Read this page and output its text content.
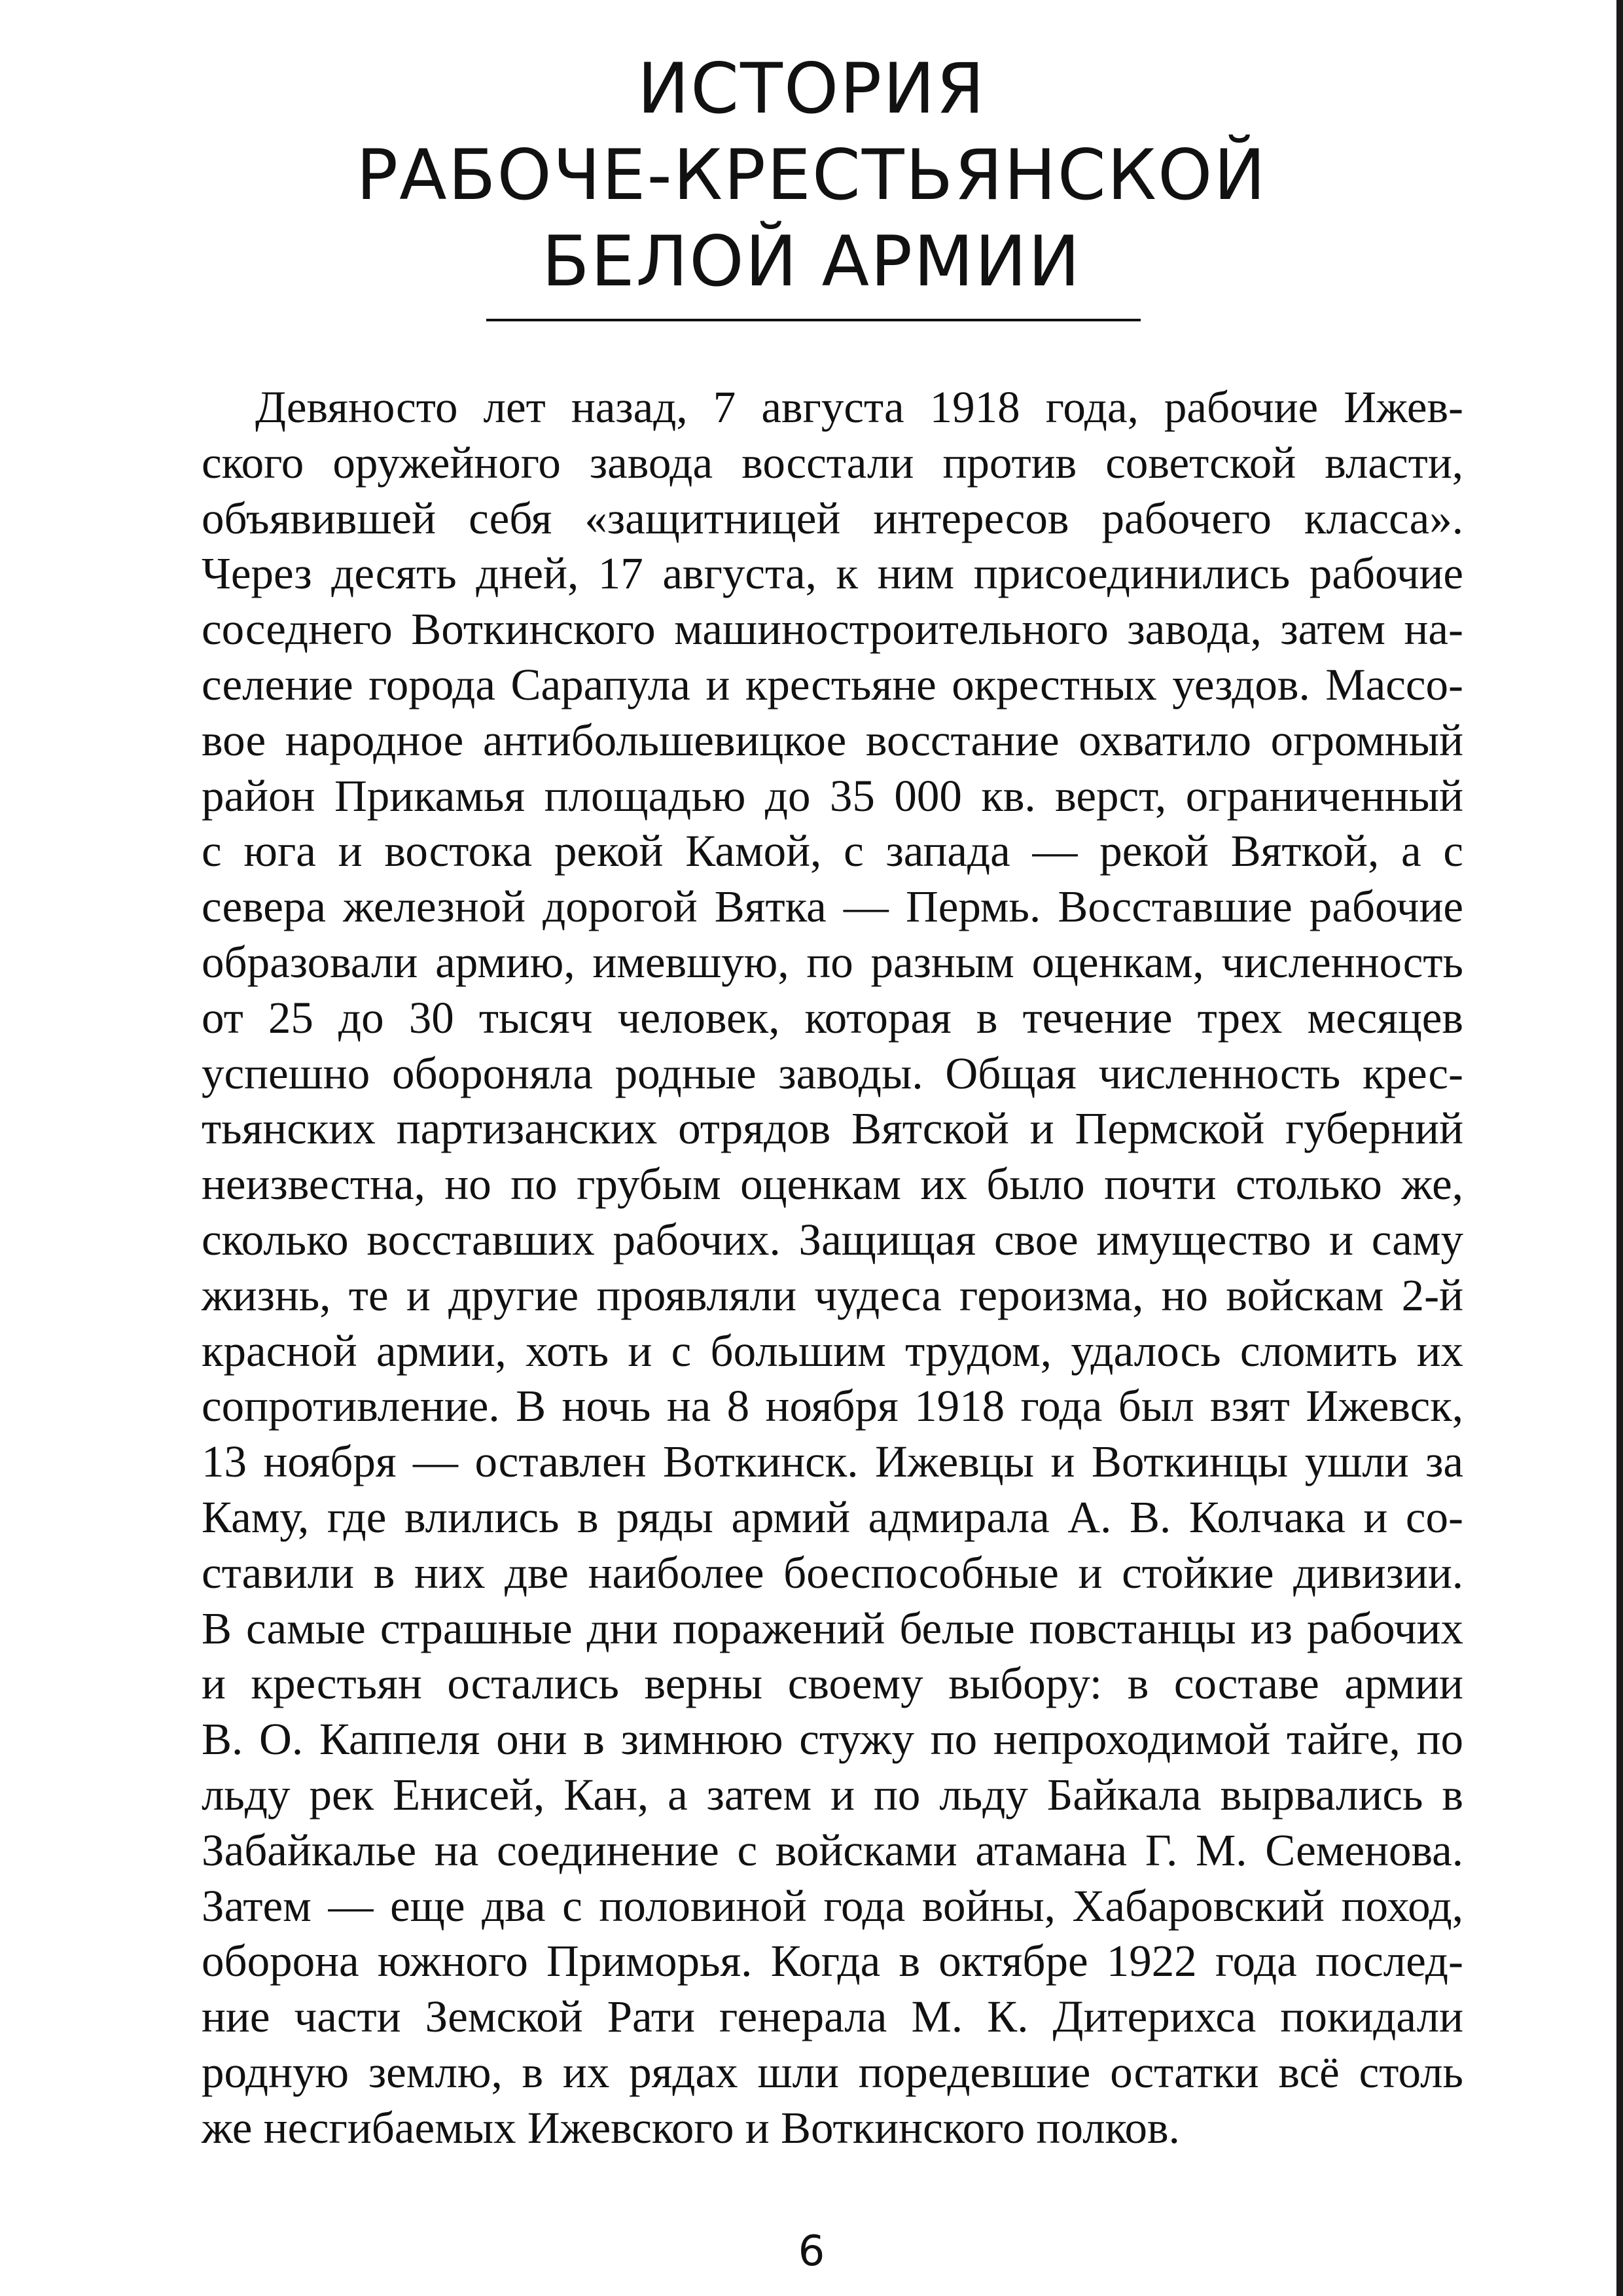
ИСТОРИЯ
РАБОЧЕ-КРЕСТЬЯНСКОЙ
БЕЛОЙ АРМИИ
Девяносто лет назад, 7 августа 1918 года, рабочие Ижев-
ского оружейного завода восстали против советской власти,
объявившей себя «защитницей интересов рабочего класса».
Через десять дней, 17 августа, к ним присоединились рабочие
соседнего Воткинского машиностроительного завода, затем на-
селение города Сарапула и крестьяне окрестных уездов. Массо-
вое народное антибольшевицкое восстание охватило огромный
район Прикамья площадью до 35 000 кв. верст, ограниченный
с юга и востока рекой Камой, с запада — рекой Вяткой, а с
севера железной дорогой Вятка — Пермь. Восставшие рабочие
образовали армию, имевшую, по разным оценкам, численность
от 25 до 30 тысяч человек, которая в течение трех месяцев
успешно обороняла родные заводы. Общая численность крес-
тьянских партизанских отрядов Вятской и Пермской губерний
неизвестна, но по грубым оценкам их было почти столько же,
сколько восставших рабочих. Защищая свое имущество и саму
жизнь, те и другие проявляли чудеса героизма, но войскам 2-й
красной армии, хоть и с большим трудом, удалось сломить их
сопротивление. В ночь на 8 ноября 1918 года был взят Ижевск,
13 ноября — оставлен Воткинск. Ижевцы и Воткинцы ушли за
Каму, где влились в ряды армий адмирала А. В. Колчака и со-
ставили в них две наиболее боеспособные и стойкие дивизии.
В самые страшные дни поражений белые повстанцы из рабочих
и крестьян остались верны своему выбору: в составе армии
В. О. Каппеля они в зимнюю стужу по непроходимой тайге, по
льду рек Енисей, Кан, а затем и по льду Байкала вырвались в
Забайкалье на соединение с войсками атамана Г. М. Семенова.
Затем — еще два с половиной года войны, Хабаровский поход,
оборона южного Приморья. Когда в октябре 1922 года послед-
ние части Земской Рати генерала М. К. Дитерихса покидали
родную землю, в их рядах шли поредевшие остатки всё столь
же несгибаемых Ижевского и Воткинского полков.
6
